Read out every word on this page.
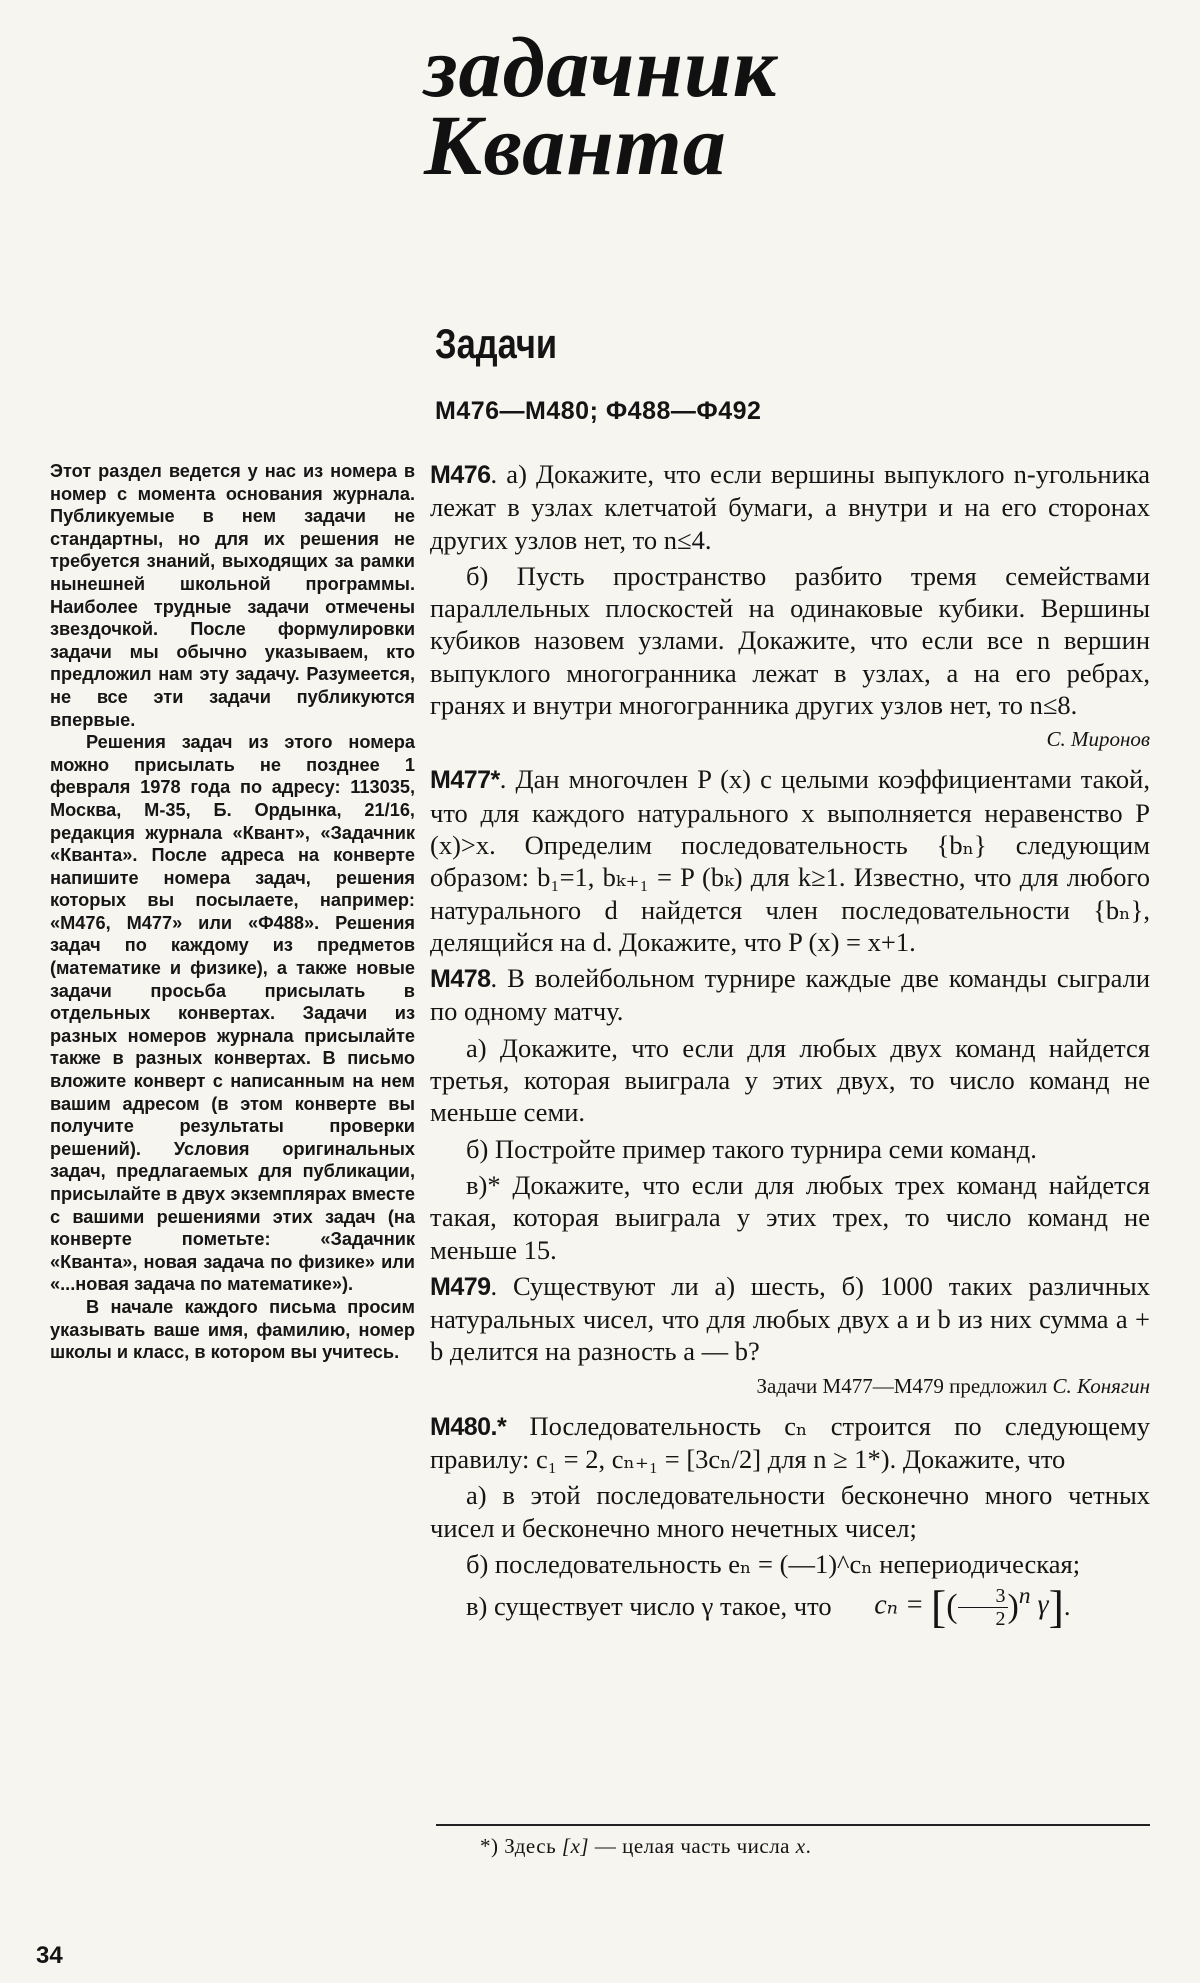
задачник
Кванта
Задачи
М476—М480; Ф488—Ф492

Этот раздел ведется у нас из номера в номер с момента основания журнала. Публикуемые в нем задачи не стандартны, но для их решения не требуется знаний, выходящих за рамки нынешней школьной программы. Наиболее трудные задачи отмечены звездочкой. После формулировки задачи мы обычно указываем, кто предложил нам эту задачу. Разумеется, не все эти задачи публикуются впервые.

Решения задач из этого номера можно присылать не позднее 1 февраля 1978 года по адресу: 113035, Москва, М-35, Б. Ордынка, 21/16, редакция журнала «Квант», «Задачник «Кванта». После адреса на конверте напишите номера задач, решения которых вы посылаете, например: «М476, М477» или «Ф488». Решения задач по каждому из предметов (математике и физике), а также новые задачи просьба присылать в отдельных конвертах. Задачи из разных номеров журнала присылайте также в разных конвертах. В письмо вложите конверт с написанным на нем вашим адресом (в этом конверте вы получите результаты проверки решений). Условия оригинальных задач, предлагаемых для публикации, присылайте в двух экземплярах вместе с вашими решениями этих задач (на конверте пометьте: «Задачник «Кванта», новая задача по физике» или «...новая задача по математике»).

В начале каждого письма просим указывать ваше имя, фамилию, номер школы и класс, в котором вы учитесь.

М476. а) Докажите, что если вершины выпуклого n-угольника лежат в узлах клетчатой бумаги, а внутри и на его сторонах других узлов нет, то n≤4.

б) Пусть пространство разбито тремя семействами параллельных плоскостей на одинаковые кубики. Вершины кубиков назовем узлами. Докажите, что если все n вершин выпуклого многогранника лежат в узлах, а на его ребрах, гранях и внутри многогранника других узлов нет, то n≤8.

С. Миронов

М477*. Дан многочлен P (x) с целыми коэффициентами такой, что для каждого натурального x выполняется неравенство P (x)>x. Определим последовательность {bₙ} следующим образом: b₁=1, bₖ₊₁ = P (bₖ) для k≥1. Известно, что для любого натурального d найдется член последовательности {bₙ}, делящийся на d. Докажите, что P (x) = x+1.

М478. В волейбольном турнире каждые две команды сыграли по одному матчу.

а) Докажите, что если для любых двух команд найдется третья, которая выиграла у этих двух, то число команд не меньше семи.

б) Постройте пример такого турнира семи команд.

в)* Докажите, что если для любых трех команд найдется такая, которая выиграла у этих трех, то число команд не меньше 15.

М479. Существуют ли а) шесть, б) 1000 таких различных натуральных чисел, что для любых двух a и b из них сумма a + b делится на разность a — b?

Задачи М477—М479 предложил С. Конягин

М480.* Последовательность cₙ строится по следующему правилу: c₁ = 2, cₙ₊₁ = [3cₙ/2] для n ≥ 1*). Докажите, что

а) в этой последовательности бесконечно много четных чисел и бесконечно много нечетных чисел;

б) последовательность eₙ = (—1)^cₙ непериодическая;

в) существует число γ такое, что cₙ = [( $\frac{3}{2} )^n$ γ].

*) Здесь [x] — целая часть числа x.
34
